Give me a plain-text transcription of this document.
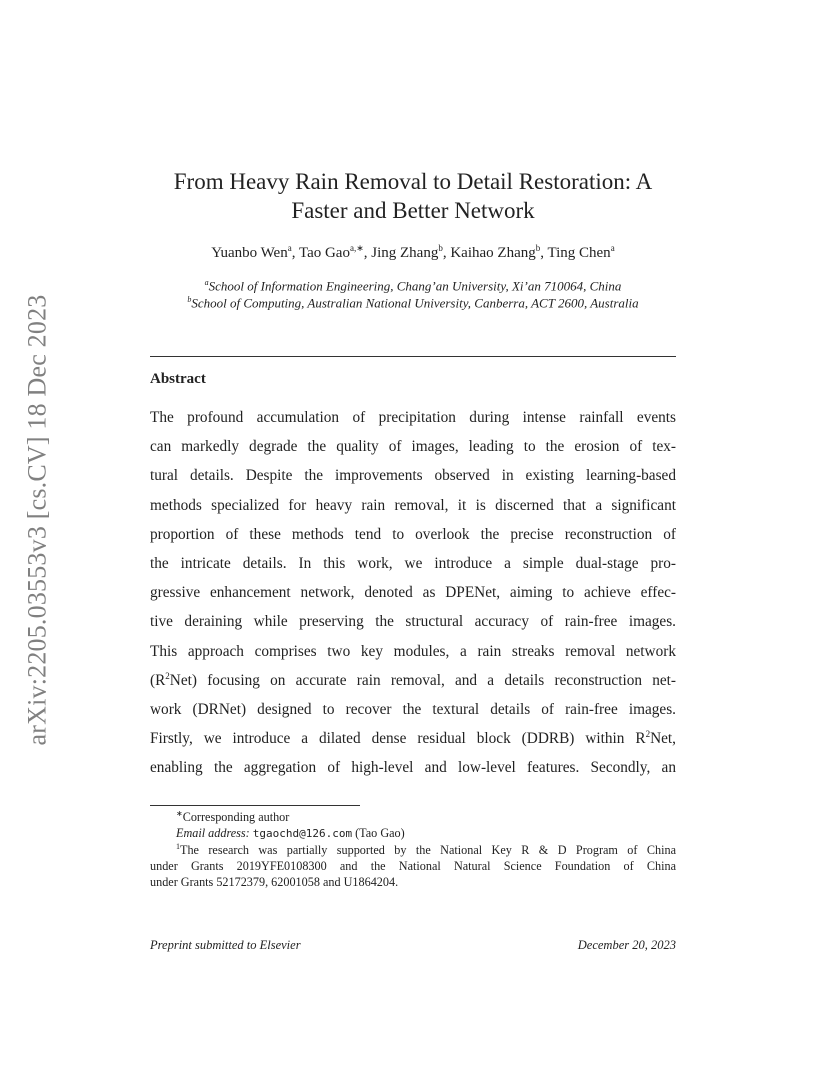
arXiv:2205.03553v3 [cs.CV] 18 Dec 2023
From Heavy Rain Removal to Detail Restoration: A
Faster and Better Network
Yuanbo Wen$^a$, Tao Gao$^{a,∗}$, Jing Zhang$^b$, Kaihao Zhang$^b$, Ting Chen$^a$
$^a$School of Information Engineering, Chang’an University, Xi’an 710064, China
$^b$School of Computing, Australian National University, Canberra, ACT 2600, Australia
Abstract
The profound accumulation of precipitation during intense rainfall events
can markedly degrade the quality of images, leading to the erosion of tex-
tural details. Despite the improvements observed in existing learning-based
methods specialized for heavy rain removal, it is discerned that a significant
proportion of these methods tend to overlook the precise reconstruction of
the intricate details. In this work, we introduce a simple dual-stage pro-
gressive enhancement network, denoted as DPENet, aiming to achieve effec-
tive deraining while preserving the structural accuracy of rain-free images.
This approach comprises two key modules, a rain streaks removal network
$(R^2Net)$ focusing on accurate rain removal, and a details reconstruction net-
work (DRNet) designed to recover the textural details of rain-free images.
Firstly, we introduce a dilated dense residual block (DDRB) within $R^2Net$,
enabling the aggregation of high-level and low-level features. Secondly, an
∗Corresponding author
Email address: tgaochd@126.com (Tao Gao)
$^1$The research was partially supported by the National Key R & D Program of China
under Grants 2019YFE0108300 and the National Natural Science Foundation of China
under Grants 52172379, 62001058 and U1864204.
Preprint submitted to Elsevier	December 20, 2023
